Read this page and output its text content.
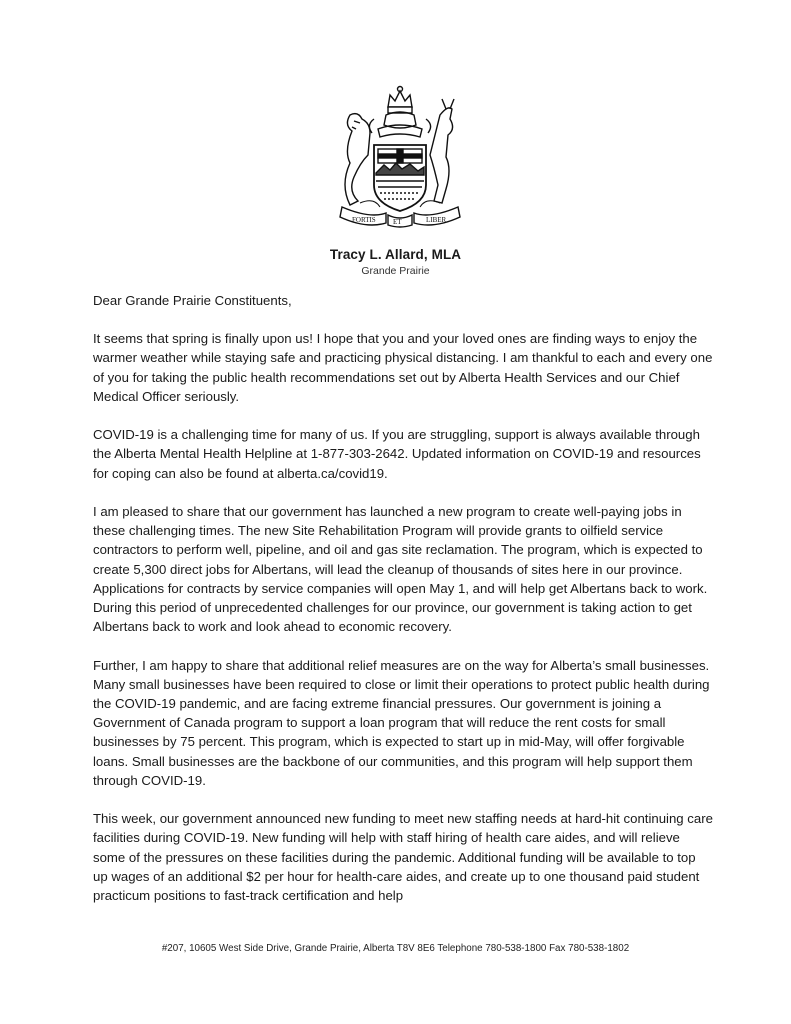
FORTIS ET	LIBER
Tracy L. Allard, MLA
Grande Prairie

Dear Grande Prairie Constituents,

It seems that spring is finally upon us! I hope that you and your loved ones are finding ways to enjoy the warmer weather while staying safe and practicing physical distancing. I am thankful to each and every one of you for taking the public health recommendations set out by Alberta Health Services and our Chief Medical Officer seriously.

COVID-19 is a challenging time for many of us. If you are struggling, support is always available through the Alberta Mental Health Helpline at 1-877-303-2642. Updated information on COVID-19 and resources for coping can also be found at alberta.ca/covid19.

I am pleased to share that our government has launched a new program to create well-paying jobs in these challenging times. The new Site Rehabilitation Program will provide grants to oilfield service contractors to perform well, pipeline, and oil and gas site reclamation. The program, which is expected to create 5,300 direct jobs for Albertans, will lead the cleanup of thousands of sites here in our province. Applications for contracts by service companies will open May 1, and will help get Albertans back to work. During this period of unprecedented challenges for our province, our government is taking action to get Albertans back to work and look ahead to economic recovery.

Further, I am happy to share that additional relief measures are on the way for Alberta’s small businesses. Many small businesses have been required to close or limit their operations to protect public health during the COVID-19 pandemic, and are facing extreme financial pressures. Our government is joining a Government of Canada program to support a loan program that will reduce the rent costs for small businesses by 75 percent. This program, which is expected to start up in mid-May, will offer forgivable loans. Small businesses are the backbone of our communities, and this program will help support them through COVID-19.

This week, our government announced new funding to meet new staffing needs at hard-hit continuing care facilities during COVID-19. New funding will help with staff hiring of health care aides, and will relieve some of the pressures on these facilities during the pandemic. Additional funding will be available to top up wages of an additional $2 per hour for health-care aides, and create up to one thousand paid student practicum positions to fast-track certification and help

#207, 10605 West Side Drive, Grande Prairie, Alberta T8V 8E6 Telephone 780-538-1800 Fax 780-538-1802
